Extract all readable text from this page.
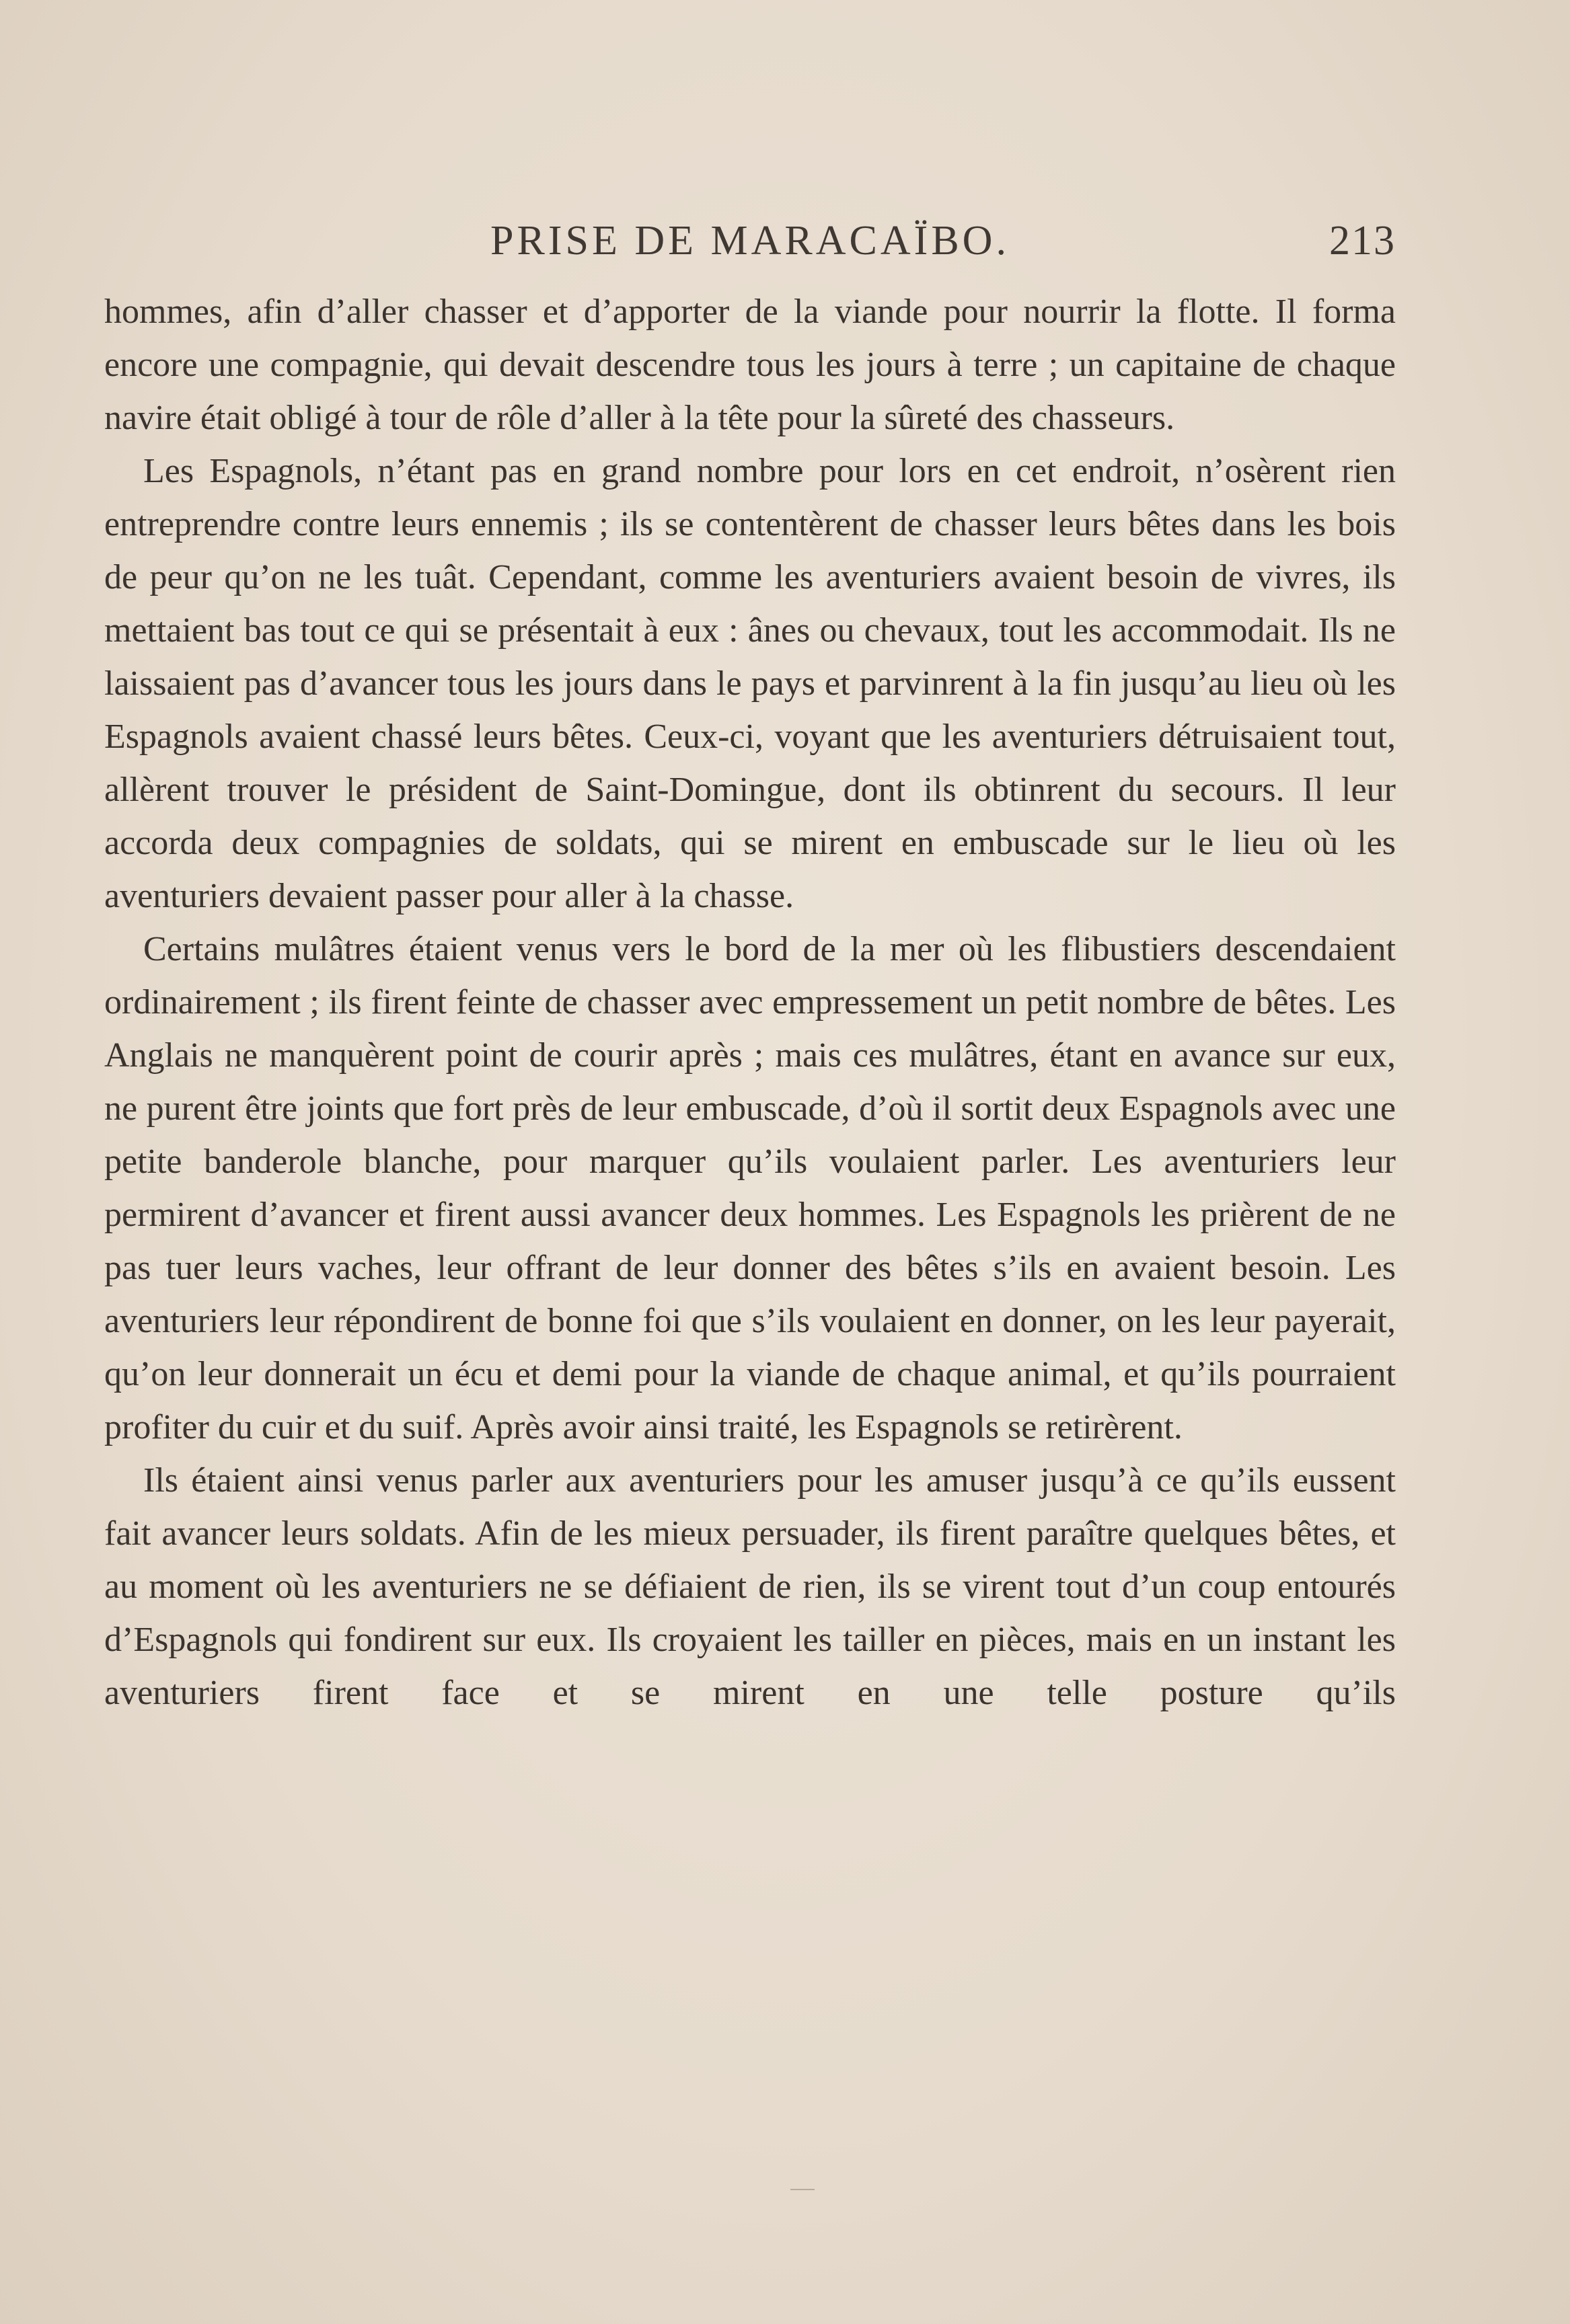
PRISE DE MARACAÏBO.	213

hommes, afin d’aller chasser et d’apporter de la viande pour nourrir la flotte. Il forma encore une compagnie, qui devait descendre tous les jours à terre ; un capitaine de chaque navire était obligé à tour de rôle d’aller à la tête pour la sûreté des chasseurs.

Les Espagnols, n’étant pas en grand nombre pour lors en cet endroit, n’osèrent rien entreprendre contre leurs ennemis ; ils se contentèrent de chasser leurs bêtes dans les bois de peur qu’on ne les tuât. Cependant, comme les aventuriers avaient besoin de vivres, ils mettaient bas tout ce qui se présentait à eux : ânes ou chevaux, tout les accommodait. Ils ne laissaient pas d’avancer tous les jours dans le pays et parvinrent à la fin jusqu’au lieu où les Espagnols avaient chassé leurs bêtes. Ceux-ci, voyant que les aventuriers détruisaient tout, allèrent trouver le président de Saint-Domingue, dont ils obtinrent du secours. Il leur accorda deux compagnies de soldats, qui se mirent en embuscade sur le lieu où les aventuriers devaient passer pour aller à la chasse.

Certains mulâtres étaient venus vers le bord de la mer où les flibustiers descendaient ordinairement ; ils firent feinte de chasser avec empressement un petit nombre de bêtes. Les Anglais ne manquèrent point de courir après ; mais ces mulâtres, étant en avance sur eux, ne purent être joints que fort près de leur embuscade, d’où il sortit deux Espagnols avec une petite banderole blanche, pour marquer qu’ils voulaient parler. Les aventuriers leur permirent d’avancer et firent aussi avancer deux hommes. Les Espagnols les prièrent de ne pas tuer leurs vaches, leur offrant de leur donner des bêtes s’ils en avaient besoin. Les aventuriers leur répondirent de bonne foi que s’ils voulaient en donner, on les leur payerait, qu’on leur donnerait un écu et demi pour la viande de chaque animal, et qu’ils pourraient profiter du cuir et du suif. Après avoir ainsi traité, les Espagnols se retirèrent.

Ils étaient ainsi venus parler aux aventuriers pour les amuser jusqu’à ce qu’ils eussent fait avancer leurs soldats. Afin de les mieux persuader, ils firent paraître quelques bêtes, et au moment où les aventuriers ne se défiaient de rien, ils se virent tout d’un coup entourés d’Espagnols qui fondirent sur eux. Ils croyaient les tailler en pièces, mais en un instant les aventuriers firent face et se mirent en une telle posture qu’ils
